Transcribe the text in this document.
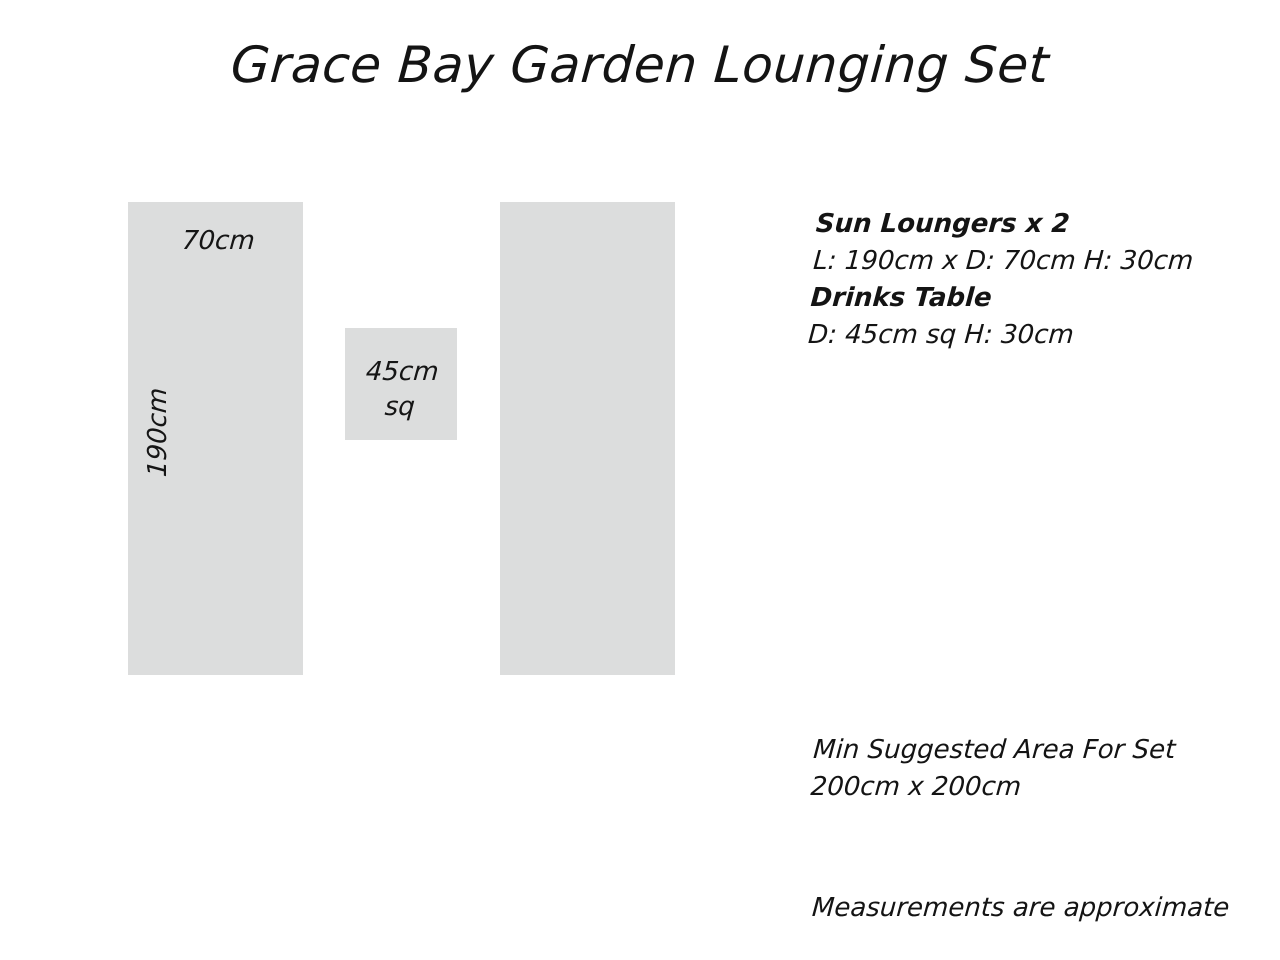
Grace Bay Garden Lounging Set
70cm
190cm
45cm
sq
Sun Loungers x 2
L: 190cm x D: 70cm H: 30cm
Drinks Table
D: 45cm sq H: 30cm
Min Suggested Area For Set
200cm x 200cm
Measurements are approximate
